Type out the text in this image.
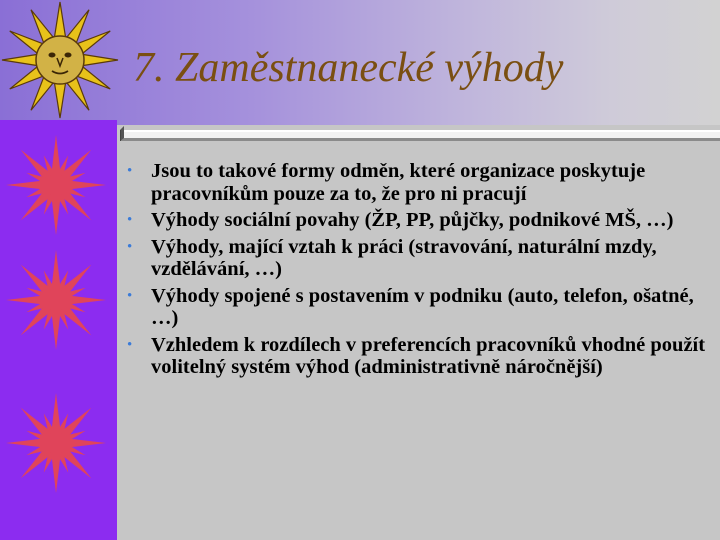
7. Zaměstnanecké výhody
• Jsou to takové formy odměn, které organizace poskytuje pracovníkům pouze za to, že pro ni pracují
• Výhody sociální povahy (ŽP, PP, půjčky, podnikové MŠ, …)
• Výhody, mající vztah k práci (stravování, naturální mzdy, vzdělávání, …)
• Výhody spojené s postavením v podniku (auto, telefon, ošatné, …)
• Vzhledem k rozdílech v preferencích pracovníků vhodné použít volitelný systém výhod (administrativně náročnější)
